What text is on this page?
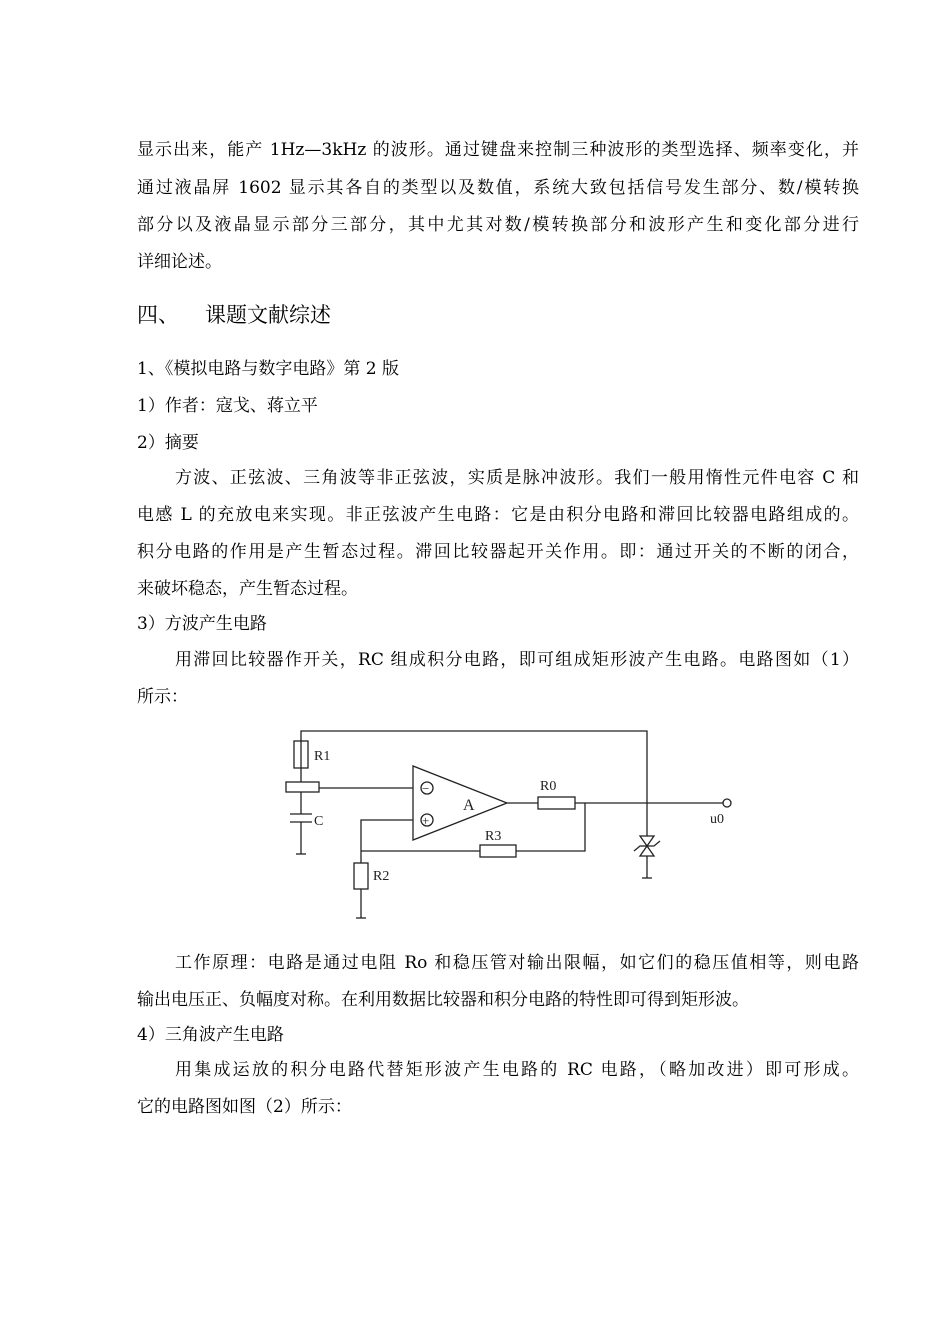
显示出来，能产 1Hz—3kHz 的波形。通过键盘来控制三种波形的类型选择、频率变化，并
通过液晶屏 1602 显示其各自的类型以及数值，系统大致包括信号发生部分、数/模转换
部分以及液晶显示部分三部分，其中尤其对数/模转换部分和波形产生和变化部分进行
详细论述。
四、 课题文献综述
1、《模拟电路与数字电路》第 2 版
1）作者：寇戈、蒋立平
2）摘要
方波、正弦波、三角波等非正弦波，实质是脉冲波形。我们一般用惰性元件电容 C 和
电感 L 的充放电来实现。非正弦波产生电路：它是由积分电路和滞回比较器电路组成的。
积分电路的作用是产生暂态过程。滞回比较器起开关作用。即：通过开关的不断的闭合，
来破坏稳态，产生暂态过程。
3）方波产生电路
用滞回比较器作开关，RC 组成积分电路，即可组成矩形波产生电路。电路图如（1）
所示：
R1
C
−
+
A
R0
u0
R3
R2
工作原理：电路是通过电阻 Ro 和稳压管对输出限幅，如它们的稳压值相等，则电路
输出电压正、负幅度对称。在利用数据比较器和积分电路的特性即可得到矩形波。
4）三角波产生电路
用集成运放的积分电路代替矩形波产生电路的 RC 电路，（略加改进）即可形成。
它的电路图如图（2）所示：
